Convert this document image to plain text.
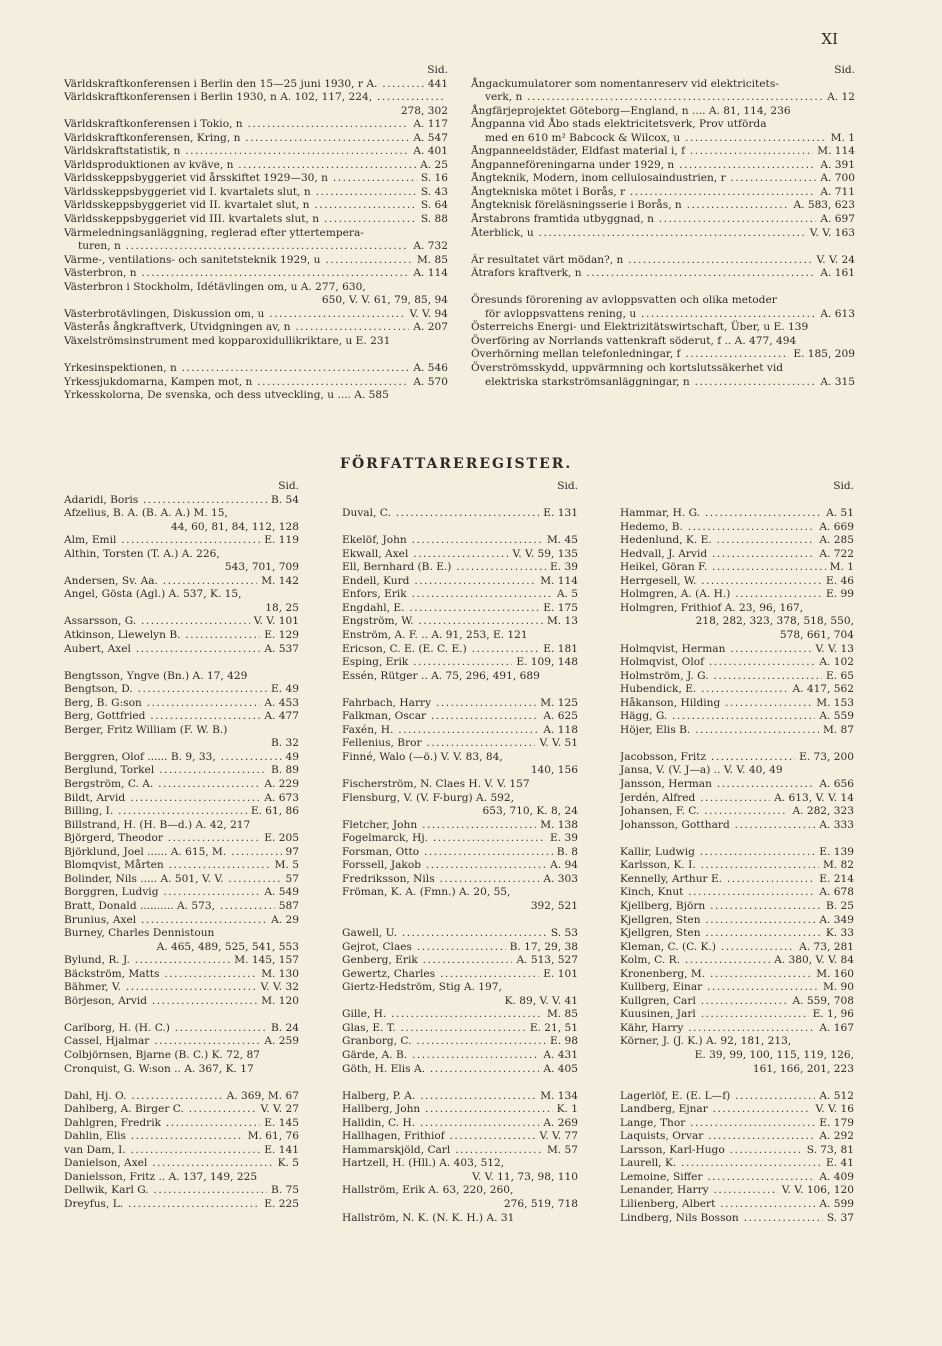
XI
Sid.
Världskraftkonferensen i Berlin den 15—25 juni 1930, r A. .....	441
Världskraftkonferensen i Berlin 1930, n A. 102, 117, 224, .....
278, 302
Världskraftkonferensen i Tokio, n .....	A. 117
Världskraftkonferensen, Kring, n .....	A. 547
Världskraftstatistik, n .....	A. 401
Världsproduktionen av kväve, n .....	A. 25
Världsskeppsbyggeriet vid årsskiftet 1929—30, n .....	S. 16
Världsskeppsbyggeriet vid I. kvartalets slut, n .....	S. 43
Världsskeppsbyggeriet vid II. kvartalet slut, n .....	S. 64
Världsskeppsbyggeriet vid III. kvartalets slut, n .....	S. 88
Värmeledningsanläggning, reglerad efter yttertempera-
turen, n .....	A. 732
Värme-, ventilations- och sanitetsteknik 1929, u .....	M. 85
Västerbron, n .....	A. 114
Västerbron i Stockholm, Idétävlingen om, u A. 277, 630,
650, V. V. 61, 79, 85, 94
Västerbrotävlingen, Diskussion om, u .....	V. V. 94
Västerås ångkraftverk, Utvidgningen av, n .....	A. 207
Växelströmsinstrument med kopparoxidullikriktare, u E. 231
Yrkesinspektionen, n .....	A. 546
Yrkessjukdomarna, Kampen mot, n .....	A. 570
Yrkesskolorna, De svenska, och dess utveckling, u .... A. 585
Sid.
Ångackumulatorer som nomentanreserv vid elektricitets-
verk, n .....	A. 12
Ångfärjeprojektet Göteborg—England, n .... A. 81, 114, 236
Ångpanna vid Åbo stads elektricitetsverk, Prov utförda
med en 610 m² Babcock & Wilcox, u .....	M. 1
Ångpanneeldstäder, Eldfast material i, f .....	M. 114
Ångpanneföreningarna under 1929, n .....	A. 391
Ångteknik, Modern, inom cellulosaindustrien, r .....	A. 700
Ångtekniska mötet i Borås, r .....	A. 711
Ångteknisk föreläsningsserie i Borås, n .....	A. 583, 623
Årstabrons framtida utbyggnad, n .....	A. 697
Återblick, u .....	V. V. 163
Är resultatet värt mödan?, n .....	V. V. 24
Ätrafors kraftverk, n .....	A. 161
Öresunds förorening av avloppsvatten och olika metoder
för avloppsvattens rening, u .....	A. 613
Österreichs Energi- und Elektrizitätswirtschaft, Über, u E. 139
Överföring av Norrlands vattenkraft söderut, f .. A. 477, 494
Överhörning mellan telefonledningar, f .....	E. 185, 209
Överströmsskydd, uppvärmning och kortslutssäkerhet vid
elektriska starkströmsanläggningar, n .....	A. 315
FÖRFATTAREREGISTER.
Sid.
Adaridi, Boris .....	B. 54
Afzelius, B. A. (B. A. A.) M. 15,
44, 60, 81, 84, 112, 128
Alm, Emil .....	E. 119
Althin, Torsten (T. A.) A. 226,
543, 701, 709
Andersen, Sv. Aa. .....	M. 142
Angel, Gösta (Agl.) A. 537, K. 15,
18, 25
Assarsson, G. .....	V. V. 101
Atkinson, Llewelyn B. .....	E. 129
Aubert, Axel .....	A. 537
Bengtsson, Yngve (Bn.) A. 17, 429
Bengtson, D. .....	E. 49
Berg, B. G:son .....	A. 453
Berg, Gottfried .....	A. 477
Berger, Fritz William (F. W. B.)
B. 32
Berggren, Olof ...... B. 9, 33, .....	49
Berglund, Torkel .....	B. 89
Bergström, C. A. .....	A. 229
Bildt, Arvid .....	A. 673
Billing, I. .....	E. 61, 86
Billstrand, H. (H. B—d.) A. 42, 217
Björgerd, Theodor .....	E. 205
Björklund, Joel ...... A. 615, M. .....	97
Blomqvist, Mårten .....	M. 5
Bolinder, Nils ..... A. 501, V. V. .....	57
Borggren, Ludvig .....	A. 549
Bratt, Donald .......... A. 573, .....	587
Brunius, Axel .....	A. 29
Burney, Charles Dennistoun
A. 465, 489, 525, 541, 553
Bylund, R. J. .....	M. 145, 157
Bäckström, Matts .....	M. 130
Bähmer, V. .....	V. V. 32
Börjeson, Arvid .....	M. 120
Carlborg, H. (H. C.) .....	B. 24
Cassel, Hjalmar .....	A. 259
Colbjörnsen, Bjarne (B. C.) K. 72, 87
Cronquist, G. W:son .. A. 367, K. 17
Dahl, Hj. O. .....	A. 369, M. 67
Dahlberg, A. Birger C. .....	V. V. 27
Dahlgren, Fredrik .....	E. 145
Dahlin, Elis .....	M. 61, 76
van Dam, I. .....	E. 141
Danielson, Axel .....	K. 5
Danielsson, Fritz .. A. 137, 149, 225
Dellwik, Karl G. .....	B. 75
Dreyfus, L. .....	E. 225
Sid.
Duval, C. .....	E. 131
Ekelöf, John .....	M. 45
Ekwall, Axel .....	V. V. 59, 135
Ell, Bernhard (B. E.) .....	E. 39
Endell, Kurd .....	M. 114
Enfors, Erik .....	A. 5
Engdahl, E. .....	E. 175
Engström, W. .....	M. 13
Enström, A. F. .. A. 91, 253, E. 121
Ericson, C. E. (E. C. E.) .....	E. 181
Esping, Erik .....	E. 109, 148
Essén, Rütger .. A. 75, 296, 491, 689
Fahrbach, Harry .....	M. 125
Falkman, Oscar .....	A. 625
Faxén, H. .....	A. 118
Fellenius, Bror .....	V. V. 51
Finné, Walo (—ö.) V. V. 83, 84,
140, 156
Fischerström, N. Claes H. V. V. 157
Flensburg, V. (V. F-burg) A. 592,
653, 710, K. 8, 24
Fletcher, John .....	M. 138
Fogelmarck, Hj. .....	E. 39
Forsman, Otto .....	B. 8
Forssell, Jakob .....	A. 94
Fredriksson, Nils .....	A. 303
Fröman, K. A. (Fmn.) A. 20, 55,
392, 521
Gawell, U. .....	S. 53
Gejrot, Claes .....	B. 17, 29, 38
Genberg, Erik .....	A. 513, 527
Gewertz, Charles .....	E. 101
Giertz-Hedström, Stig A. 197,
K. 89, V. V. 41
Gille, H. .....	M. 85
Glas, E. T. .....	E. 21, 51
Granborg, C. .....	E. 98
Gärde, A. B. .....	A. 431
Göth, H. Elis A. .....	A. 405
Halberg, P. A. .....	M. 134
Hallberg, John .....	K. 1
Halldin, C. H. .....	A. 269
Hallhagen, Frithiof .....	V. V. 77
Hammarskjöld, Carl .....	M. 57
Hartzell, H. (Hll.) A. 403, 512,
V. V. 11, 73, 98, 110
Hallström, Erik A. 63, 220, 260,
276, 519, 718
Hallström, N. K. (N. K. H.) A. 31
Sid.
Hammar, H. G. .....	A. 51
Hedemo, B. .....	A. 669
Hedenlund, K. E. .....	A. 285
Hedvall, J. Arvid .....	A. 722
Heikel, Göran F. .....	M. 1
Herrgesell, W. .....	E. 46
Holmgren, A. (A. H.) .....	E. 99
Holmgren, Frithiof A. 23, 96, 167,
218, 282, 323, 378, 518, 550,
578, 661, 704
Holmqvist, Herman .....	V. V. 13
Holmqvist, Olof .....	A. 102
Holmström, J. G. .....	E. 65
Hubendick, E. .....	A. 417, 562
Håkanson, Hilding .....	M. 153
Hägg, G. .....	A. 559
Höjer, Elis B. .....	M. 87
Jacobsson, Fritz .....	E. 73, 200
Jansa, V. (V. J—a) .. V. V. 40, 49
Jansson, Herman .....	A. 656
Jerdén, Alfred .....	A. 613, V. V. 14
Johansen, F. C. .....	A. 282, 323
Johansson, Gotthard .....	A. 333
Kallir, Ludwig .....	E. 139
Karlsson, K. I. .....	M. 82
Kennelly, Arthur E. .....	E. 214
Kinch, Knut .....	A. 678
Kjellberg, Björn .....	B. 25
Kjellgren, Sten .....	A. 349
Kjellgren, Sten .....	K. 33
Kleman, C. (C. K.) .....	A. 73, 281
Kolm, C. R. .....	A. 380, V. V. 84
Kronenberg, M. .....	M. 160
Kullberg, Einar .....	M. 90
Kullgren, Carl .....	A. 559, 708
Kuusinen, Jarl .....	E. 1, 96
Kähr, Harry .....	A. 167
Körner, J. (J. K.) A. 92, 181, 213,
E. 39, 99, 100, 115, 119, 126,
161, 166, 201, 223
Lagerlöf, E. (E. L—f) .....	A. 512
Landberg, Ejnar .....	V. V. 16
Lange, Thor .....	E. 179
Laquists, Orvar .....	A. 292
Larsson, Karl-Hugo .....	S. 73, 81
Laurell, K. .....	E. 41
Lemoine, Siffer .....	A. 409
Lenander, Harry .....	V. V. 106, 120
Lilienberg, Albert .....	A. 599
Lindberg, Nils Bosson .....	S. 37
